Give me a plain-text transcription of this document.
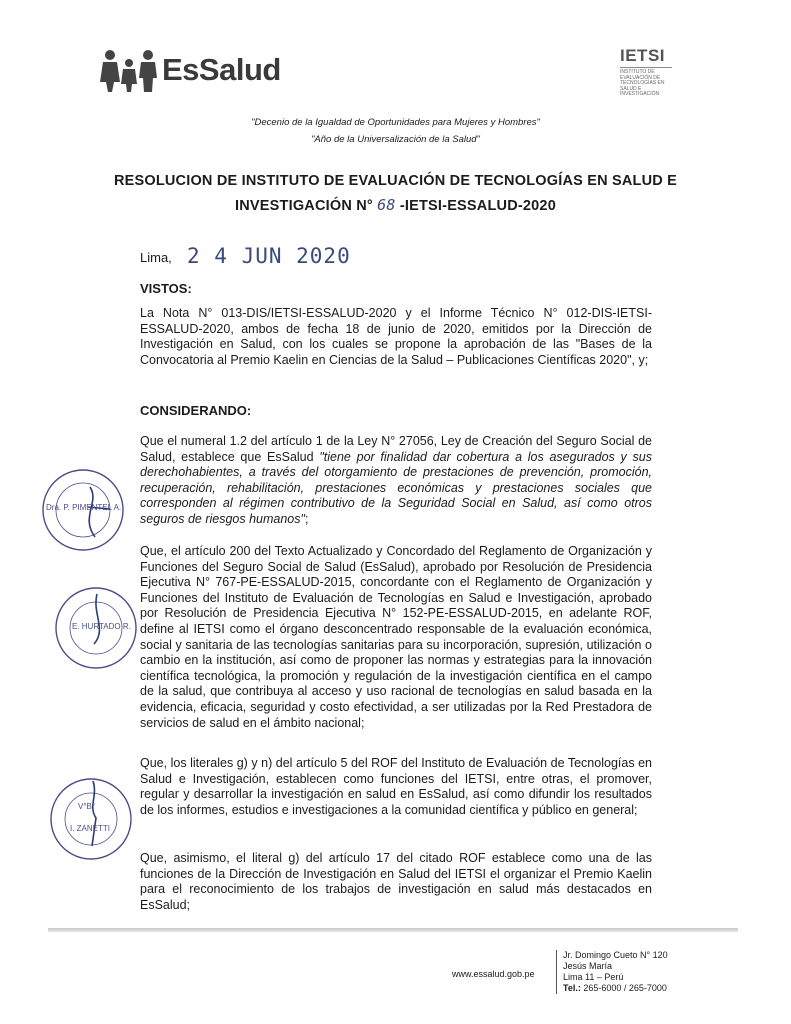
EsSalud	IETSI
INSTITUTO DE EVALUACIÓN DE TECNOLOGÍAS EN SALUD E INVESTIGACIÓN
"Decenio de la Igualdad de Oportunidades para Mujeres y Hombres"
"Año de la Universalización de la Salud"
RESOLUCION DE INSTITUTO DE EVALUACIÓN DE TECNOLOGÍAS EN SALUD E
INVESTIGACIÓN N° 68 -IETSI-ESSALUD-2020
Lima, 2 4 JUN 2020
VISTOS:
La Nota N° 013-DIS/IETSI-ESSALUD-2020 y el Informe Técnico N° 012-DIS-IETSI-ESSALUD-2020, ambos de fecha 18 de junio de 2020, emitidos por la Dirección de Investigación en Salud, con los cuales se propone la aprobación de las "Bases de la Convocatoria al Premio Kaelin en Ciencias de la Salud – Publicaciones Científicas 2020", y;
CONSIDERANDO:
Que el numeral 1.2 del artículo 1 de la Ley N° 27056, Ley de Creación del Seguro Social de Salud, establece que EsSalud "tiene por finalidad dar cobertura a los asegurados y sus derechohabientes, a través del otorgamiento de prestaciones de prevención, promoción, recuperación, rehabilitación, prestaciones económicas y prestaciones sociales que corresponden al régimen contributivo de la Seguridad Social en Salud, así como otros seguros de riesgos humanos";
Que, el artículo 200 del Texto Actualizado y Concordado del Reglamento de Organización y Funciones del Seguro Social de Salud (EsSalud), aprobado por Resolución de Presidencia Ejecutiva N° 767-PE-ESSALUD-2015, concordante con el Reglamento de Organización y Funciones del Instituto de Evaluación de Tecnologías en Salud e Investigación, aprobado por Resolución de Presidencia Ejecutiva N° 152-PE-ESSALUD-2015, en adelante ROF, define al IETSI como el órgano desconcentrado responsable de la evaluación económica, social y sanitaria de las tecnologías sanitarias para su incorporación, supresión, utilización o cambio en la institución, así como de proponer las normas y estrategias para la innovación científica tecnológica, la promoción y regulación de la investigación científica en el campo de la salud, que contribuya al acceso y uso racional de tecnologías en salud basada en la evidencia, eficacia, seguridad y costo efectividad, a ser utilizadas por la Red Prestadora de servicios de salud en el ámbito nacional;
Que, los literales g) y n) del artículo 5 del ROF del Instituto de Evaluación de Tecnologías en Salud e Investigación, establecen como funciones del IETSI, entre otras, el promover, regular y desarrollar la investigación en salud en EsSalud, así como difundir los resultados de los informes, estudios e investigaciones a la comunidad científica y público en general;
Que, asimismo, el literal g) del artículo 17 del citado ROF establece como una de las funciones de la Dirección de Investigación en Salud del IETSI el organizar el Premio Kaelin para el reconocimiento de los trabajos de investigación en salud más destacados en EsSalud;
Dra. P. PIMENTEL A.
E. HURTADO R.
V°B°
I. ZANETTI
www.essalud.gob.pe
Jr. Domingo Cueto N° 120
Jesús María
Lima 11 – Perú
Tel.: 265-6000 / 265-7000
